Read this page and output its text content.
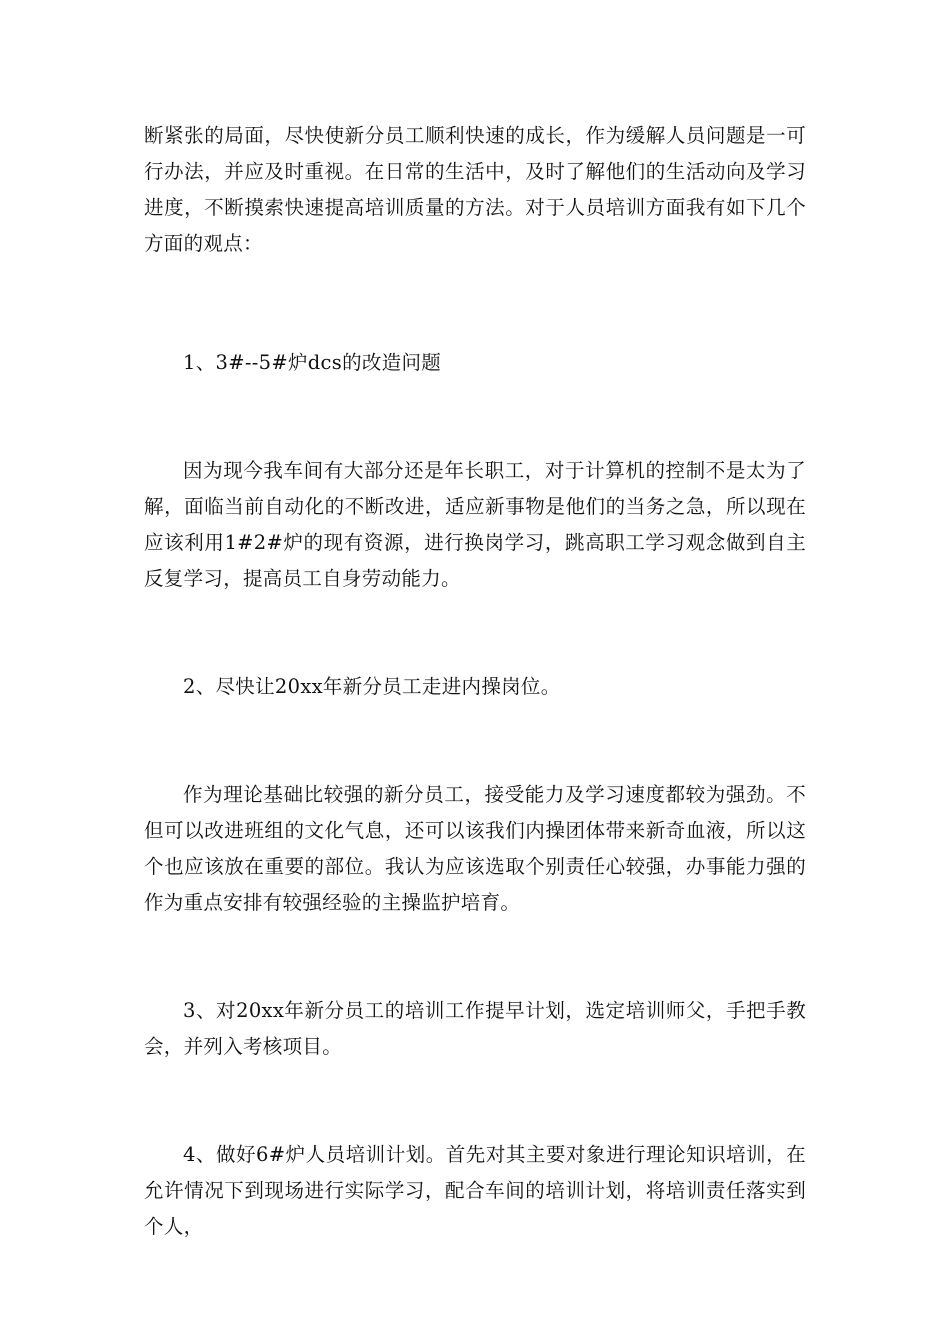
断紧张的局面，尽快使新分员工顺利快速的成长，作为缓解人员问题是一可行办法，并应及时重视。在日常的生活中，及时了解他们的生活动向及学习进度，不断摸索快速提高培训质量的方法。对于人员培训方面我有如下几个方面的观点：

1、3#--5#炉dcs的改造问题

因为现今我车间有大部分还是年长职工，对于计算机的控制不是太为了解，面临当前自动化的不断改进，适应新事物是他们的当务之急，所以现在应该利用1#2#炉的现有资源，进行换岗学习，跳高职工学习观念做到自主反复学习，提高员工自身劳动能力。

2、尽快让20xx年新分员工走进内操岗位。

作为理论基础比较强的新分员工，接受能力及学习速度都较为强劲。不但可以改进班组的文化气息，还可以该我们内操团体带来新奇血液，所以这个也应该放在重要的部位。我认为应该选取个别责任心较强，办事能力强的作为重点安排有较强经验的主操监护培育。

3、对20xx年新分员工的培训工作提早计划，选定培训师父，手把手教会，并列入考核项目。

4、做好6#炉人员培训计划。首先对其主要对象进行理论知识培训，在允许情况下到现场进行实际学习，配合车间的培训计划，将培训责任落实到个人，
